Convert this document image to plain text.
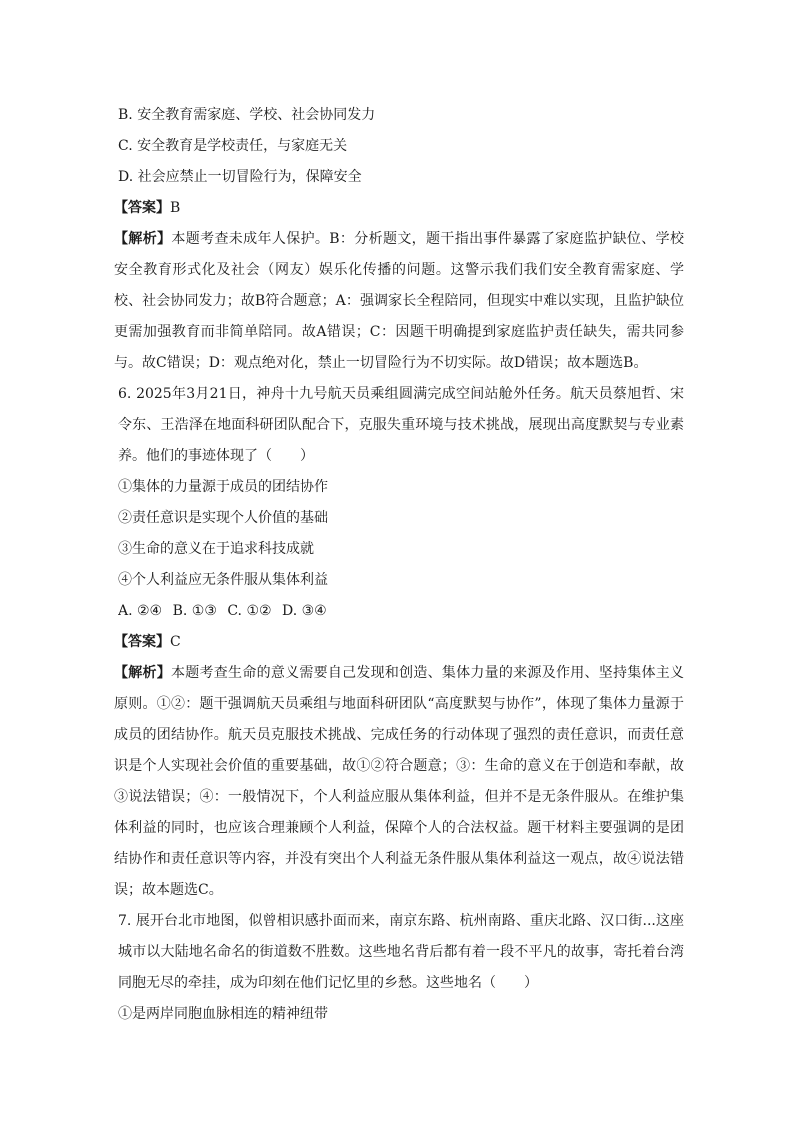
B. 安全教育需家庭、学校、社会协同发力
C. 安全教育是学校责任，与家庭无关
D. 社会应禁止一切冒险行为，保障安全
【答案】B

【解析】本题考查未成年人保护。B：分析题文，题干指出事件暴露了家庭监护缺位、学校安全教育形式化及社会（网友）娱乐化传播的问题。这警示我们我们安全教育需家庭、学校、社会协同发力；故B符合题意；A：强调家长全程陪同，但现实中难以实现，且监护缺位更需加强教育而非简单陪同。故A错误；C：因题干明确提到家庭监护责任缺失，需共同参与。故C错误；D：观点绝对化，禁止一切冒险行为不切实际。故D错误；故本题选B。

6. 2025年3月21日，神舟十九号航天员乘组圆满完成空间站舱外任务。航天员蔡旭哲、宋令东、王浩泽在地面科研团队配合下，克服失重环境与技术挑战，展现出高度默契与专业素养。他们的事迹体现了（　　）

①集体的力量源于成员的团结协作
②责任意识是实现个人价值的基础
③生命的意义在于追求科技成就
④个人利益应无条件服从集体利益
A. ②④ B. ①③ C. ①② D. ③④
【答案】C

【解析】本题考查生命的意义需要自己发现和创造、集体力量的来源及作用、坚持集体主义原则。①②：题干强调航天员乘组与地面科研团队“高度默契与协作”，体现了集体力量源于成员的团结协作。航天员克服技术挑战、完成任务的行动体现了强烈的责任意识，而责任意识是个人实现社会价值的重要基础，故①②符合题意；③：生命的意义在于创造和奉献，故③说法错误；④：一般情况下，个人利益应服从集体利益，但并不是无条件服从。在维护集体利益的同时，也应该合理兼顾个人利益，保障个人的合法权益。题干材料主要强调的是团结协作和责任意识等内容，并没有突出个人利益无条件服从集体利益这一观点，故④说法错误；故本题选C。

7. 展开台北市地图，似曾相识感扑面而来，南京东路、杭州南路、重庆北路、汉口街...这座城市以大陆地名命名的街道数不胜数。这些地名背后都有着一段不平凡的故事，寄托着台湾同胞无尽的牵挂，成为印刻在他们记忆里的乡愁。这些地名（　　）

①是两岸同胞血脉相连的精神纽带
